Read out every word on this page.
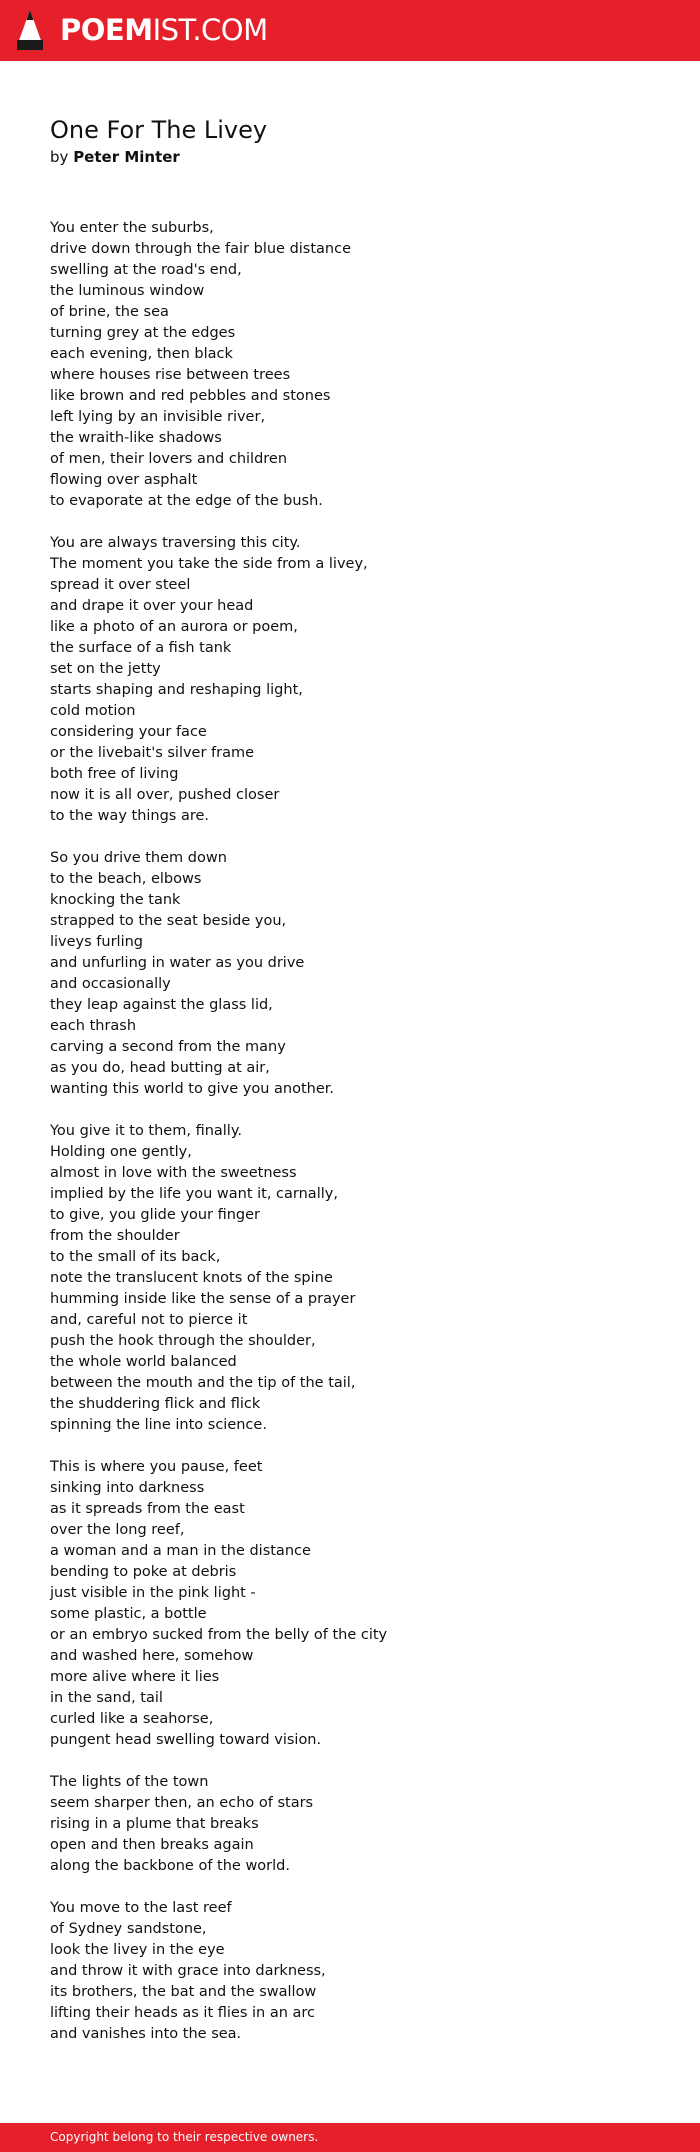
POEMIST.COM
One For The Livey
by Peter Minter
You enter the suburbs,
drive down through the fair blue distance
swelling at the road's end,
the luminous window
of brine, the sea
turning grey at the edges
each evening, then black
where houses rise between trees
like brown and red pebbles and stones
left lying by an invisible river,
the wraith-like shadows
of men, their lovers and children
flowing over asphalt
to evaporate at the edge of the bush.
You are always traversing this city.
The moment you take the side from a livey,
spread it over steel
and drape it over your head
like a photo of an aurora or poem,
the surface of a fish tank
set on the jetty
starts shaping and reshaping light,
cold motion
considering your face
or the livebait's silver frame
both free of living
now it is all over, pushed closer
to the way things are.
So you drive them down
to the beach, elbows
knocking the tank
strapped to the seat beside you,
liveys furling
and unfurling in water as you drive
and occasionally
they leap against the glass lid,
each thrash
carving a second from the many
as you do, head butting at air,
wanting this world to give you another.
You give it to them, finally.
Holding one gently,
almost in love with the sweetness
implied by the life you want it, carnally,
to give, you glide your finger
from the shoulder
to the small of its back,
note the translucent knots of the spine
humming inside like the sense of a prayer
and, careful not to pierce it
push the hook through the shoulder,
the whole world balanced
between the mouth and the tip of the tail,
the shuddering flick and flick
spinning the line into science.
This is where you pause, feet
sinking into darkness
as it spreads from the east
over the long reef,
a woman and a man in the distance
bending to poke at debris
just visible in the pink light -
some plastic, a bottle
or an embryo sucked from the belly of the city
and washed here, somehow
more alive where it lies
in the sand, tail
curled like a seahorse,
pungent head swelling toward vision.
The lights of the town
seem sharper then, an echo of stars
rising in a plume that breaks
open and then breaks again
along the backbone of the world.
You move to the last reef
of Sydney sandstone,
look the livey in the eye
and throw it with grace into darkness,
its brothers, the bat and the swallow
lifting their heads as it flies in an arc
and vanishes into the sea.
Copyright belong to their respective owners.
